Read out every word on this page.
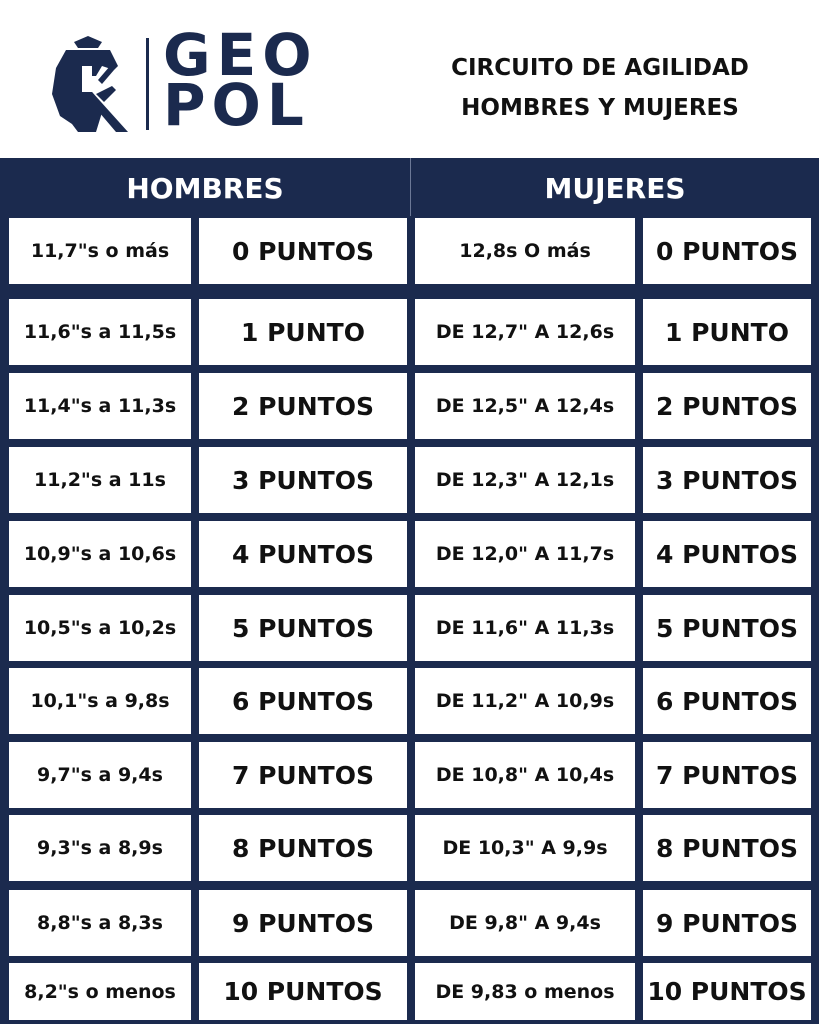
GEO
POL
CIRCUITO DE AGILIDAD
HOMBRES Y MUJERES
HOMBRES	MUJERES
11,7"s o más	0 PUNTOS	12,8s O más	0 PUNTOS
11,6"s a 11,5s	1 PUNTO	DE 12,7" A 12,6s	1 PUNTO
11,4"s a 11,3s	2 PUNTOS	DE 12,5" A 12,4s	2 PUNTOS
11,2"s a 11s	3 PUNTOS	DE 12,3" A 12,1s	3 PUNTOS
10,9"s a 10,6s	4 PUNTOS	DE 12,0" A 11,7s	4 PUNTOS
10,5"s a 10,2s	5 PUNTOS	DE 11,6" A 11,3s	5 PUNTOS
10,1"s a 9,8s	6 PUNTOS	DE 11,2" A 10,9s	6 PUNTOS
9,7"s a 9,4s	7 PUNTOS	DE 10,8" A 10,4s	7 PUNTOS
9,3"s a 8,9s	8 PUNTOS	DE 10,3" A 9,9s	8 PUNTOS
8,8"s a 8,3s	9 PUNTOS	DE 9,8" A 9,4s	9 PUNTOS
8,2"s o menos	10 PUNTOS	DE 9,83 o menos	10 PUNTOS
